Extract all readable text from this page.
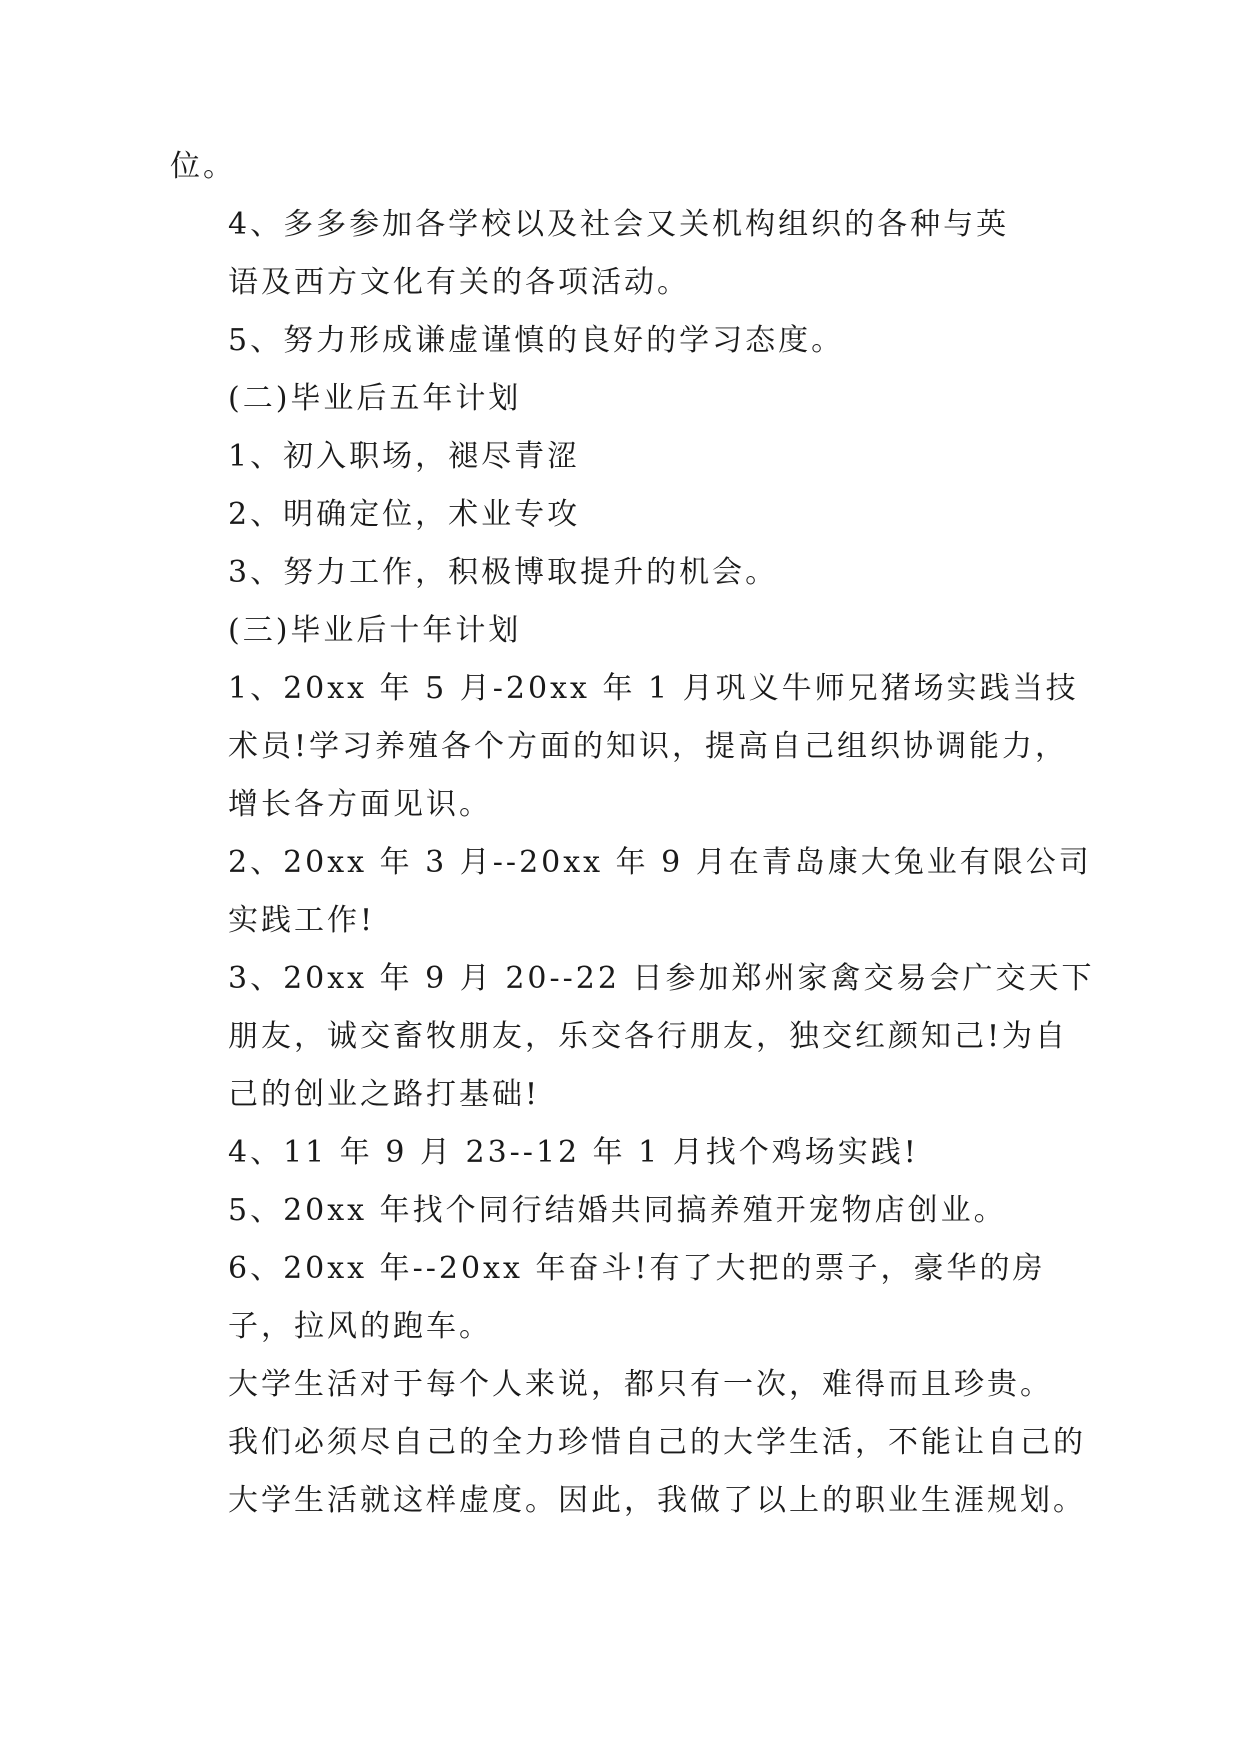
位。

4、多多参加各学校以及社会又关机构组织的各种与英
语及西方文化有关的各项活动。

5、努力形成谦虚谨慎的良好的学习态度。

(二)毕业后五年计划

1、初入职场，褪尽青涩

2、明确定位，术业专攻

3、努力工作，积极博取提升的机会。

(三)毕业后十年计划

1、20xx 年 5 月-20xx 年 1 月巩义牛师兄猪场实践当技
术员!学习养殖各个方面的知识，提高自己组织协调能力，
增长各方面见识。

2、20xx 年 3 月--20xx 年 9 月在青岛康大兔业有限公司
实践工作!

3、20xx 年 9 月 20--22 日参加郑州家禽交易会广交天下
朋友，诚交畜牧朋友，乐交各行朋友，独交红颜知己!为自
己的创业之路打基础!

4、11 年 9 月 23--12 年 1 月找个鸡场实践!

5、20xx 年找个同行结婚共同搞养殖开宠物店创业。

6、20xx 年--20xx 年奋斗!有了大把的票子，豪华的房
子，拉风的跑车。

大学生活对于每个人来说，都只有一次，难得而且珍贵。
我们必须尽自己的全力珍惜自己的大学生活，不能让自己的
大学生活就这样虚度。因此，我做了以上的职业生涯规划。
